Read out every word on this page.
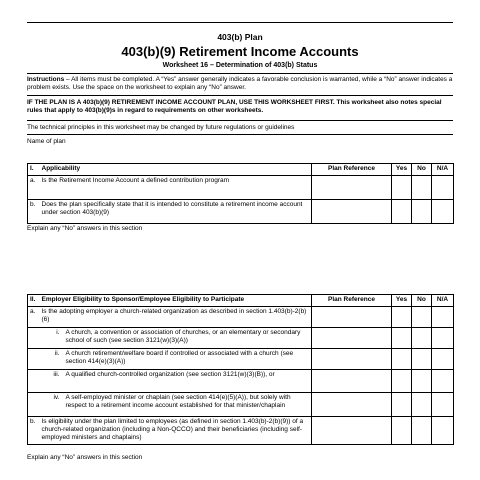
403(b) Plan
403(b)(9) Retirement Income Accounts
Worksheet 16 – Determination of 403(b) Status
Instructions – All items must be completed. A “Yes” answer generally indicates a favorable conclusion is warranted, while a “No” answer indicates a problem exists. Use the space on the worksheet to explain any “No” answer.
IF THE PLAN IS A 403(b)(9) RETIREMENT INCOME ACCOUNT PLAN, USE THIS WORKSHEET FIRST. This worksheet also notes special rules that apply to 403(b)(9)s in regard to requirements on other worksheets.
The technical principles in this worksheet may be changed by future regulations or guidelines
Name of plan
I.	Applicability	Plan Reference	Yes	No	N/A
a.	Is the Retirement Income Account a defined contribution program				
b.	Does the plan specifically state that it is intended to constitute a retirement income account under section 403(b)(9)				
Explain any “No” answers in this section
II.	Employer Eligibility to Sponsor/Employee Eligibility to Participate		Plan Reference	Yes	No	N/A
a.	Is the adopting employer a church-related organization as described in section 1.403(b)-2(b)(6)					
	i.	A church, a convention or association of churches, or an elementary or secondary school of such (see section 3121(w)(3)(A))				
	ii.	A church retirement/welfare board if controlled or associated with a church (see section 414(e)(3)(A))				
	iii.	A qualified church-controlled organization (see section 3121(w)(3)(B)), or				
	iv.	A self-employed minister or chaplain (see section 414(e)(5)(A)), but solely with respect to a retirement income account established for that minister/chaplain				
b.	Is eligibility under the plan limited to employees (as defined in section 1.403(b)-2(b)(9)) of a church-related organization (including a Non-QCCO) and their beneficiaries (including self-employed ministers and chaplains)					
Explain any “No” answers in this section
